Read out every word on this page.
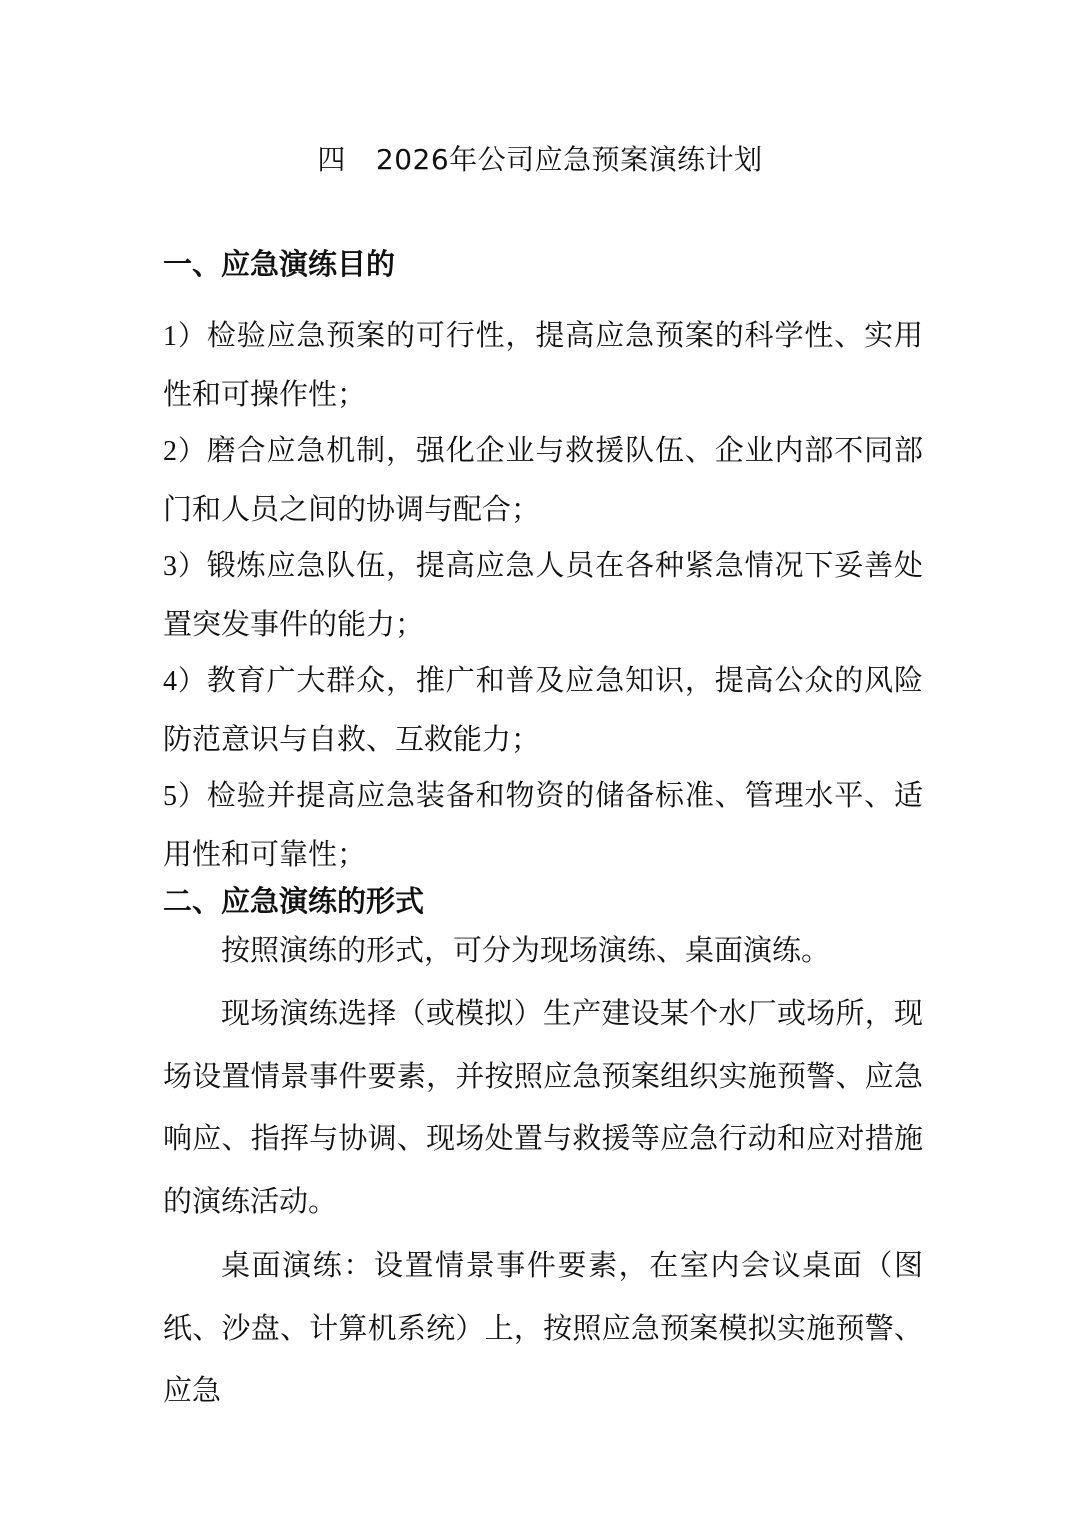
四 2026年公司应急预案演练计划
一、应急演练目的
1）检验应急预案的可行性，提高应急预案的科学性、实用性和可操作性；
2）磨合应急机制，强化企业与救援队伍、企业内部不同部门和人员之间的协调与配合；
3）锻炼应急队伍，提高应急人员在各种紧急情况下妥善处置突发事件的能力；
4）教育广大群众，推广和普及应急知识，提高公众的风险防范意识与自救、互救能力；
5）检验并提高应急装备和物资的储备标准、管理水平、适用性和可靠性；
二、应急演练的形式

按照演练的形式，可分为现场演练、桌面演练。

现场演练选择（或模拟）生产建设某个水厂或场所，现场设置情景事件要素，并按照应急预案组织实施预警、应急响应、指挥与协调、现场处置与救援等应急行动和应对措施的演练活动。

桌面演练：设置情景事件要素，在室内会议桌面（图纸、沙盘、计算机系统）上，按照应急预案模拟实施预警、应急
